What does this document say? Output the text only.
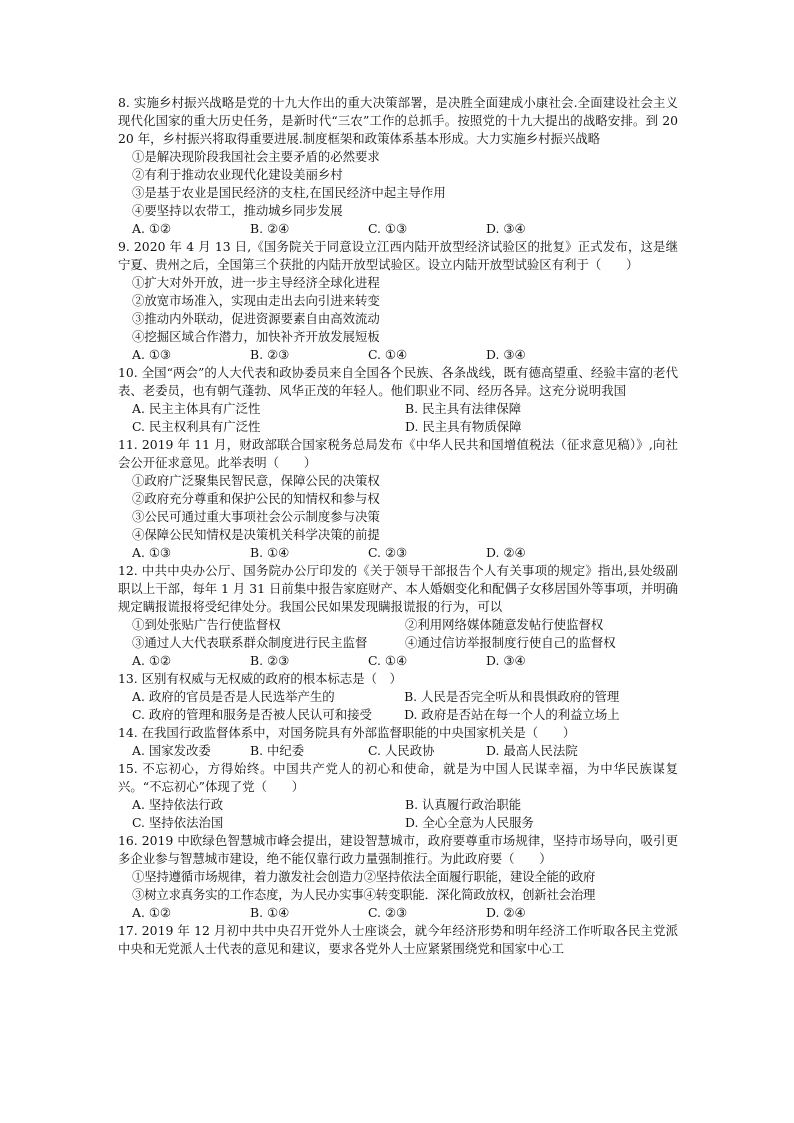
8. 实施乡村振兴战略是党的十九大作出的重大决策部署，是决胜全面建成小康社会.全面建设社会主义现代化国家的重大历史任务，是新时代“三农”工作的总抓手。按照党的十九大提出的战略安排。到 2020 年，乡村振兴将取得重要进展.制度框架和政策体系基本形成。大力实施乡村振兴战略
①是解决现阶段我国社会主要矛盾的必然要求
②有利于推动农业现代化建设美丽乡村
③是基于农业是国民经济的支柱,在国民经济中起主导作用
④要坚持以农带工，推动城乡同步发展
A. ①②	B. ②④	C. ①③	D. ③④
9. 2020 年 4 月 13 日,《国务院关于同意设立江西内陆开放型经济试验区的批复》正式发布，这是继宁夏、贵州之后，全国第三个获批的内陆开放型试验区。设立内陆开放型试验区有利于（　　）
①扩大对外开放，进一步主导经济全球化进程
②放宽市场准入，实现由走出去向引进来转变
③推动内外联动，促进资源要素自由高效流动
④挖掘区域合作潜力，加快补齐开放发展短板
A. ①③	B. ②③	C. ①④	D. ③④
10. 全国“两会”的人大代表和政协委员来自全国各个民族、各条战线，既有德高望重、经验丰富的老代表、老委员，也有朝气蓬勃、风华正茂的年轻人。他们职业不同、经历各异。这充分说明我国
A. 民主主体具有广泛性	B. 民主具有法律保障
C. 民主权利具有广泛性	D. 民主具有物质保障
11. 2019 年 11 月，财政部联合国家税务总局发布《中华人民共和国增值税法（征求意见稿）》,向社会公开征求意见。此举表明（　　）
①政府广泛聚集民智民意，保障公民的决策权
②政府充分尊重和保护公民的知情权和参与权
③公民可通过重大事项社会公示制度参与决策
④保障公民知情权是决策机关科学决策的前提
A. ①③	B. ①④	C. ②③	D. ②④
12. 中共中央办公厅、国务院办公厅印发的《关于领导干部报告个人有关事项的规定》指出,县处级副职以上干部，每年 1 月 31 日前集中报告家庭财产、本人婚姻变化和配偶子女移居国外等事项，并明确规定瞒报谎报将受纪律处分。我国公民如果发现瞒报谎报的行为，可以
①到处张贴广告行使监督权	②利用网络媒体随意发帖行使监督权
③通过人大代表联系群众制度进行民主监督	④通过信访举报制度行使自己的监督权
A. ①②	B. ②③	C. ①④	D. ③④
13. 区别有权威与无权威的政府的根本标志是（　）
A. 政府的官员是否是人民选举产生的	B. 人民是否完全听从和畏惧政府的管理
C. 政府的管理和服务是否被人民认可和接受	D. 政府是否站在每一个人的利益立场上
14. 在我国行政监督体系中，对国务院具有外部监督职能的中央国家机关是（　　）
A. 国家发改委	B. 中纪委	C. 人民政协	D. 最高人民法院
15. 不忘初心，方得始终。中国共产党人的初心和使命，就是为中国人民谋幸福，为中华民族谋复兴。“不忘初心”体现了党（　　）
A. 坚持依法行政	B. 认真履行政治职能
C. 坚持依法治国	D. 全心全意为人民服务
16. 2019 中欧绿色智慧城市峰会提出，建设智慧城市，政府要尊重市场规律，坚持市场导向，吸引更多企业参与智慧城市建设，绝不能仅靠行政力量强制推行。为此政府要（　　）
①坚持遵循市场规律，着力激发社会创造力②坚持依法全面履行职能，建设全能的政府
③树立求真务实的工作态度，为人民办实事④转变职能．深化简政放权，创新社会治理
A. ①②	B. ①④	C. ②③	D. ②④
17. 2019 年 12 月初中共中央召开党外人士座谈会，就今年经济形势和明年经济工作听取各民主党派中央和无党派人士代表的意见和建议，要求各党外人士应紧紧围绕党和国家中心工
